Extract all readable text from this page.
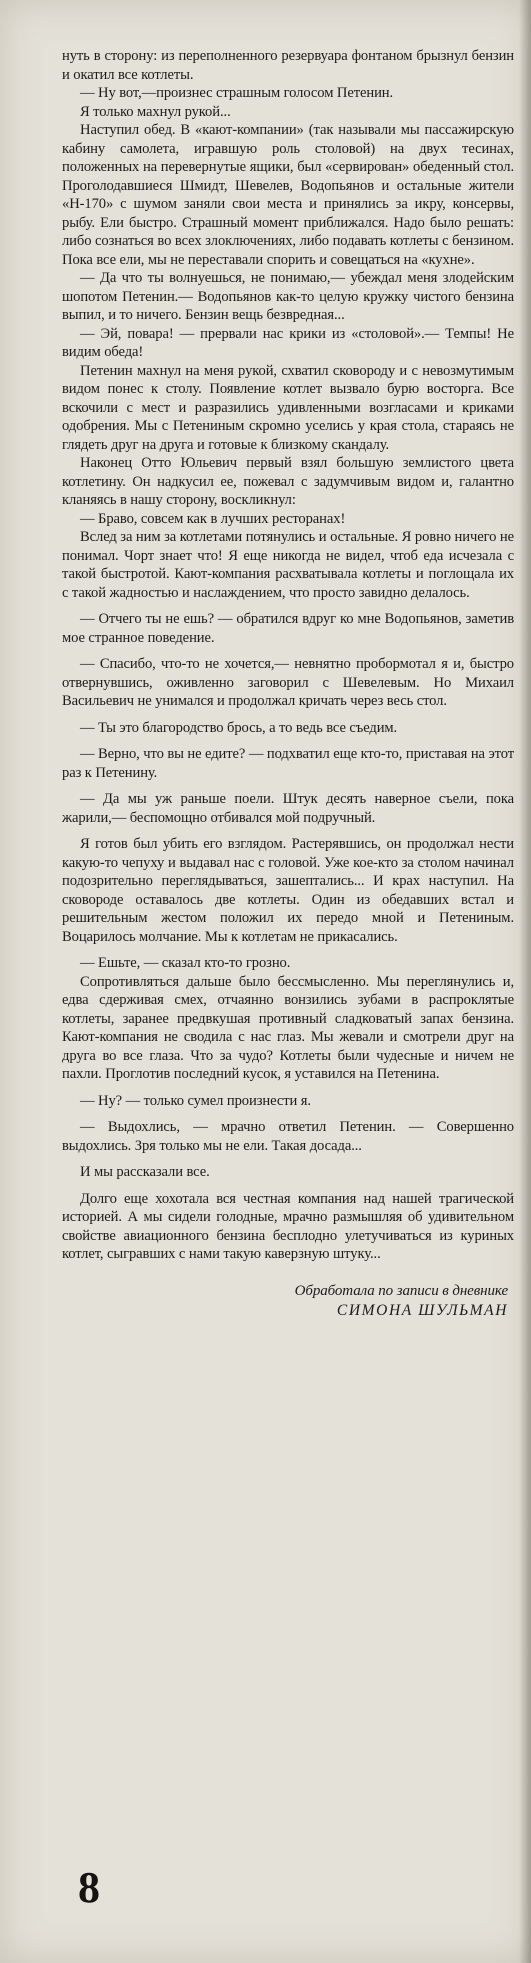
нуть в сторону: из переполненного резервуара фонтаном брызнул бензин и окатил все котлеты.

— Ну вот,—произнес страшным голосом Петенин.

Я только махнул рукой...

Наступил обед. В «кают-компании» (так называли мы пассажирскую кабину самолета, игравшую роль столовой) на двух тесинах, положенных на перевернутые ящики, был «сервирован» обеденный стол. Проголодавшиеся Шмидт, Шевелев, Водопьянов и остальные жители «Н-170» с шумом заняли свои места и принялись за икру, консервы, рыбу. Ели быстро. Страшный момент приближался. Надо было решать: либо сознаться во всех злоключениях, либо подавать котлеты с бензином. Пока все ели, мы не переставали спорить и совещаться на «кухне».

— Да что ты волнуешься, не понимаю,— убеждал меня злодейским шопотом Петенин.— Водопьянов как-то целую кружку чистого бензина выпил, и то ничего. Бензин вещь безвредная...

— Эй, повара! — прервали нас крики из «столовой».— Темпы! Не видим обеда!

Петенин махнул на меня рукой, схватил сковороду и с невозмутимым видом понес к столу. Появление котлет вызвало бурю восторга. Все вскочили с мест и разразились удивленными возгласами и криками одобрения. Мы с Петениным скромно уселись у края стола, стараясь не глядеть друг на друга и готовые к близкому скандалу.

Наконец Отто Юльевич первый взял большую землистого цвета котлетину. Он надкусил ее, пожевал с задумчивым видом и, галантно кланяясь в нашу сторону, воскликнул:

— Браво, совсем как в лучших ресторанах!

Вслед за ним за котлетами потянулись и остальные. Я ровно ничего не понимал. Чорт знает что! Я еще никогда не видел, чтоб еда исчезала с такой быстротой. Кают-компания расхватывала котлеты и поглощала их с такой жадностью и наслаждением, что просто завидно делалось.

— Отчего ты не ешь? — обратился вдруг ко мне Водопьянов, заметив мое странное поведение.

— Спасибо, что-то не хочется,— невнятно пробормотал я и, быстро отвернувшись, оживленно заговорил с Шевелевым. Но Михаил Васильевич не унимался и продолжал кричать через весь стол.

— Ты это благородство брось, а то ведь все съедим.

— Верно, что вы не едите? — подхватил еще кто-то, приставая на этот раз к Петенину.

— Да мы уж раньше поели. Штук десять наверное съели, пока жарили,— беспомощно отбивался мой подручный.

Я готов был убить его взглядом. Растерявшись, он продолжал нести какую-то чепуху и выдавал нас с головой. Уже кое-кто за столом начинал подозрительно переглядываться, зашептались... И крах наступил. На сковороде оставалось две котлеты. Один из обедавших встал и решительным жестом положил их передо мной и Петениным. Воцарилось молчание. Мы к котлетам не прикасались.

— Ешьте, — сказал кто-то грозно.

Сопротивляться дальше было бессмысленно. Мы переглянулись и, едва сдерживая смех, отчаянно вонзились зубами в распроклятые котлеты, заранее предвкушая противный сладковатый запах бензина. Кают-компания не сводила с нас глаз. Мы жевали и смотрели друг на друга во все глаза. Что за чудо? Котлеты были чудесные и ничем не пахли. Проглотив последний кусок, я уставился на Петенина.

— Ну? — только сумел произнести я.

— Выдохлись, — мрачно ответил Петенин. — Совершенно выдохлись. Зря только мы не ели. Такая досада...

И мы рассказали все.

Долго еще хохотала вся честная компания над нашей трагической историей. А мы сидели голодные, мрачно размышляя об удивительном свойстве авиационного бензина бесплодно улетучиваться из куриных котлет, сыгравших с нами такую каверзную штуку...

Обработала по записи в дневнике
СИМОНА ШУЛЬМАН
8
